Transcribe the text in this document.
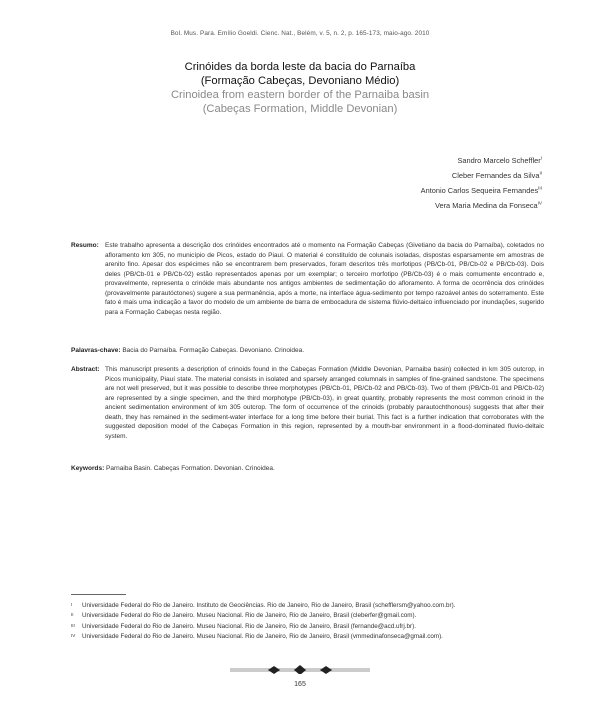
Bol. Mus. Para. Emílio Goeldi. Cienc. Nat., Belém, v. 5, n. 2, p. 165-173, maio-ago. 2010
Crinóides da borda leste da bacia do Parnaíba
(Formação Cabeças, Devoniano Médio)
Crinoidea from eastern border of the Parnaiba basin
(Cabeças Formation, Middle Devonian)
Sandro Marcelo Scheffler$^I$
Cleber Fernandes da Silva$^{II}$
Antonio Carlos Sequeira Fernandes$^{III}$
Vera Maria Medina da Fonseca$^{IV}$
Resumo: Este trabalho apresenta a descrição dos crinóides encontrados até o momento na Formação Cabeças (Givetiano da bacia do Parnaíba), coletados no afloramento km 305, no município de Picos, estado do Piauí. O material é constituído de colunais isoladas, dispostas esparsamente em amostras de arenito fino. Apesar dos espécimes não se encontrarem bem preservados, foram descritos três morfotipos (PB/Cb-01, PB/Cb-02 e PB/Cb-03). Dois deles (PB/Cb-01 e PB/Cb-02) estão representados apenas por um exemplar; o terceiro morfotipo (PB/Cb-03) é o mais comumente encontrado e, provavelmente, representa o crinóide mais abundante nos antigos ambientes de sedimentação do afloramento. A forma de ocorrência dos crinóides (provavelmente parautóctones) sugere a sua permanência, após a morte, na interface água-sedimento por tempo razoável antes do soterramento. Este fato é mais uma indicação a favor do modelo de um ambiente de barra de embocadura de sistema flúvio-deltaico influenciado por inundações, sugerido para a Formação Cabeças nesta região.
Palavras-chave: Bacia do Parnaíba. Formação Cabeças. Devoniano. Crinoidea.
Abstract: This manuscript presents a description of crinoids found in the Cabeças Formation (Middle Devonian, Parnaiba basin) collected in km 305 outcrop, in Picos municipality, Piauí state. The material consists in isolated and sparsely arranged columnals in samples of fine-grained sandstone. The specimens are not well preserved, but it was possible to describe three morphotypes (PB/Cb-01, PB/Cb-02 and PB/Cb-03). Two of them (PB/Cb-01 and PB/Cb-02) are represented by a single specimen, and the third morphotype (PB/Cb-03), in great quantity, probably represents the most common crinoid in the ancient sedimentation environment of km 305 outcrop. The form of occurrence of the crinoids (probably parautochthonous) suggests that after their death, they has remained in the sediment-water interface for a long time before their burial. This fact is a further indication that corroborates with the suggested deposition model of the Cabeças Formation in this region, represented by a mouth-bar environment in a flood-dominated fluvio-deltaic system.
Keywords: Parnaiba Basin. Cabeças Formation. Devonian. Crinoidea.
I Universidade Federal do Rio de Janeiro. Instituto de Geociências. Rio de Janeiro, Rio de Janeiro, Brasil (schefflersm@yahoo.com.br).
II Universidade Federal do Rio de Janeiro. Museu Nacional. Rio de Janeiro, Rio de Janeiro, Brasil (cleberfer@gmail.com).
III Universidade Federal do Rio de Janeiro. Museu Nacional. Rio de Janeiro, Rio de Janeiro, Brasil (fernande@acd.ufrj.br).
IV Universidade Federal do Rio de Janeiro. Museu Nacional. Rio de Janeiro, Rio de Janeiro, Brasil (vmmedinafonseca@gmail.com).
165
